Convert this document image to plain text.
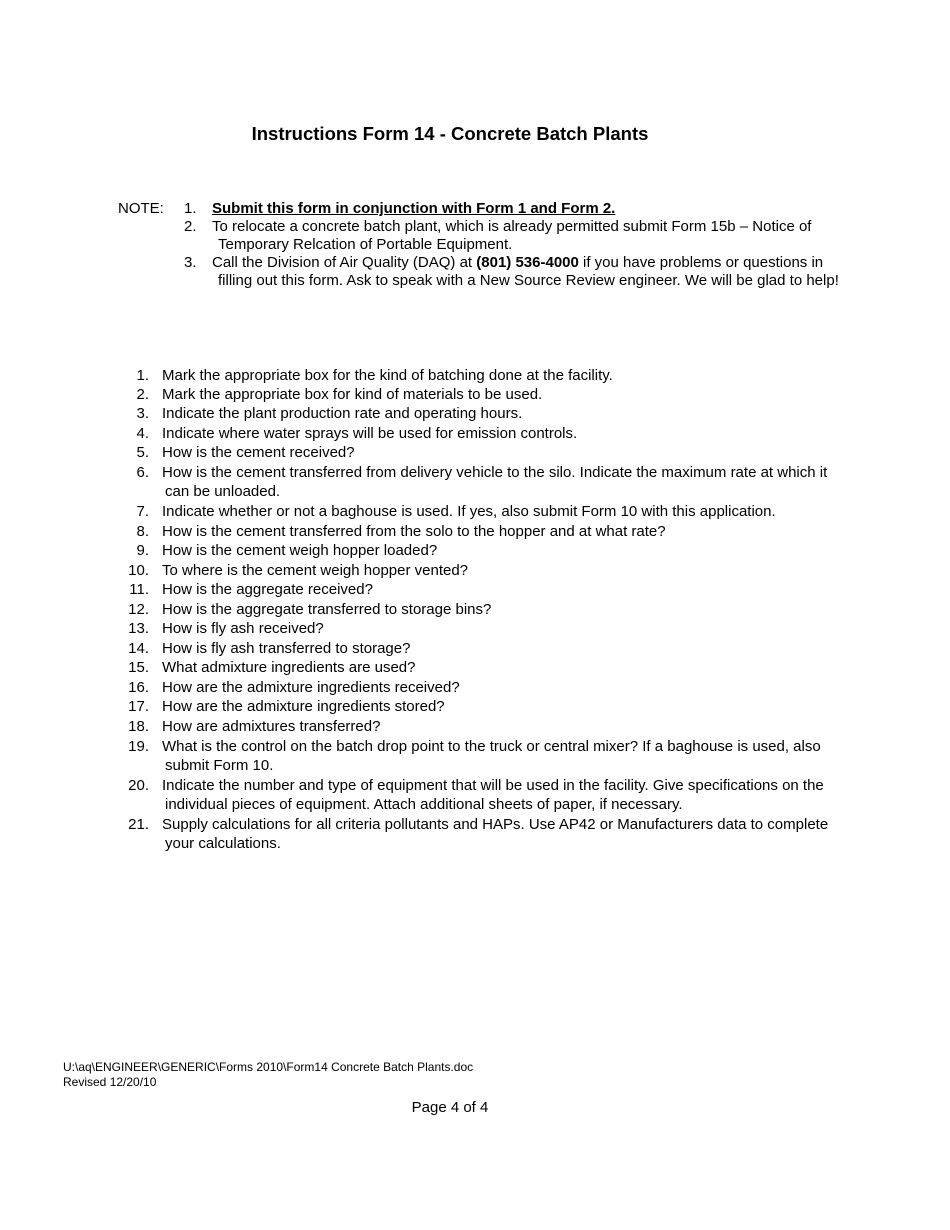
Instructions Form 14 - Concrete Batch Plants
NOTE: 1. Submit this form in conjunction with Form 1 and Form 2.
2. To relocate a concrete batch plant, which is already permitted submit Form 15b – Notice of Temporary Relcation of Portable Equipment.
3. Call the Division of Air Quality (DAQ) at (801) 536-4000 if you have problems or questions in filling out this form. Ask to speak with a New Source Review engineer. We will be glad to help!
1. Mark the appropriate box for the kind of batching done at the facility.
2. Mark the appropriate box for kind of materials to be used.
3. Indicate the plant production rate and operating hours.
4. Indicate where water sprays will be used for emission controls.
5. How is the cement received?
6. How is the cement transferred from delivery vehicle to the silo. Indicate the maximum rate at which it can be unloaded.
7. Indicate whether or not a baghouse is used. If yes, also submit Form 10 with this application.
8. How is the cement transferred from the solo to the hopper and at what rate?
9. How is the cement weigh hopper loaded?
10. To where is the cement weigh hopper vented?
11. How is the aggregate received?
12. How is the aggregate transferred to storage bins?
13. How is fly ash received?
14. How is fly ash transferred to storage?
15. What admixture ingredients are used?
16. How are the admixture ingredients received?
17. How are the admixture ingredients stored?
18. How are admixtures transferred?
19. What is the control on the batch drop point to the truck or central mixer? If a baghouse is used, also submit Form 10.
20. Indicate the number and type of equipment that will be used in the facility. Give specifications on the individual pieces of equipment. Attach additional sheets of paper, if necessary.
21. Supply calculations for all criteria pollutants and HAPs. Use AP42 or Manufacturers data to complete your calculations.
U:\aq\ENGINEER\GENERIC\Forms 2010\Form14 Concrete Batch Plants.doc
Revised 12/20/10
Page 4 of 4
